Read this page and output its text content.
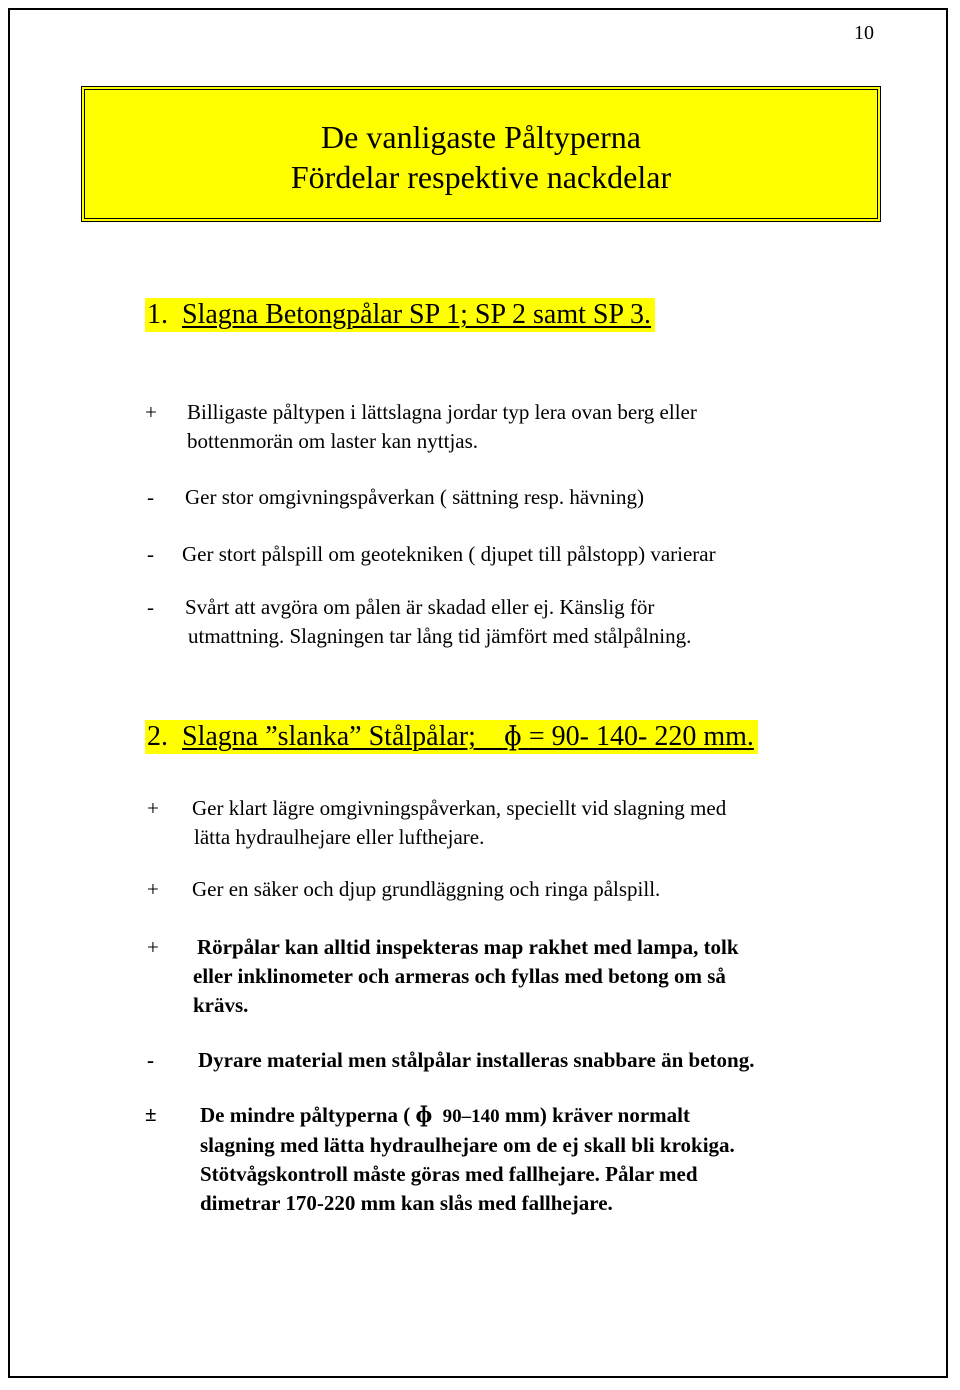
10
De vanligaste Påltyperna
Fördelar respektive nackdelar
1. Slagna Betongpålar SP 1; SP 2 samt SP 3.
+ Billigaste påltypen i lättslagna jordar typ lera ovan berg eller
bottenmorän om laster kan nyttjas.
- Ger stor omgivningspåverkan ( sättning resp. hävning)
- Ger stort pålspill om geotekniken ( djupet till pålstopp) varierar
- Svårt att avgöra om pålen är skadad eller ej. Känslig för
utmattning. Slagningen tar lång tid jämfört med stålpålning.
2. Slagna ”slanka” Stålpålar; ɸ = 90- 140- 220 mm.
+ Ger klart lägre omgivningspåverkan, speciellt vid slagning med
lätta hydraulhejare eller lufthejare.
+ Ger en säker och djup grundläggning och ringa pålspill.
+ Rörpålar kan alltid inspekteras map rakhet med lampa, tolk
eller inklinometer och armeras och fyllas med betong om så
krävs.
- Dyrare material men stålpålar installeras snabbare än betong.
± De mindre påltyperna ( ɸ 90–140 mm) kräver normalt
slagning med lätta hydraulhejare om de ej skall bli krokiga.
Stötvågskontroll måste göras med fallhejare. Pålar med
dimetrar 170-220 mm kan slås med fallhejare.
